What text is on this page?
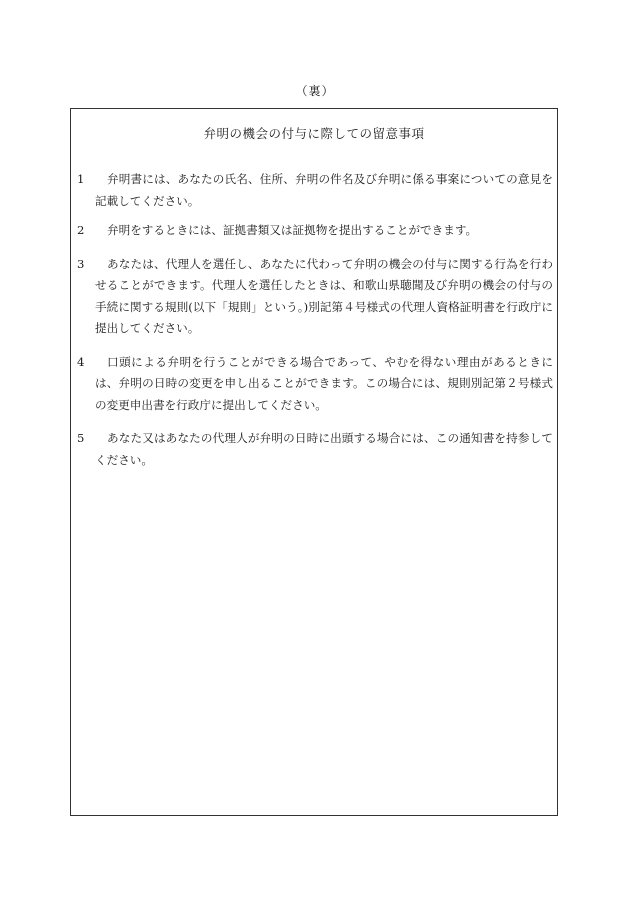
（裏）
弁明の機会の付与に際しての留意事項
1	弁明書には、あなたの氏名、住所、弁明の件名及び弁明に係る事案についての意見を記載してください。
2	弁明をするときには、証拠書類又は証拠物を提出することができます。
3	あなたは、代理人を選任し、あなたに代わって弁明の機会の付与に関する行為を行わせることができます。代理人を選任したときは、和歌山県聴聞及び弁明の機会の付与の手続に関する規則(以下「規則」という。)別記第４号様式の代理人資格証明書を行政庁に提出してください。
4	口頭による弁明を行うことができる場合であって、やむを得ない理由があるときには、弁明の日時の変更を申し出ることができます。この場合には、規則別記第２号様式の変更申出書を行政庁に提出してください。
5	あなた又はあなたの代理人が弁明の日時に出頭する場合には、この通知書を持参してください。
